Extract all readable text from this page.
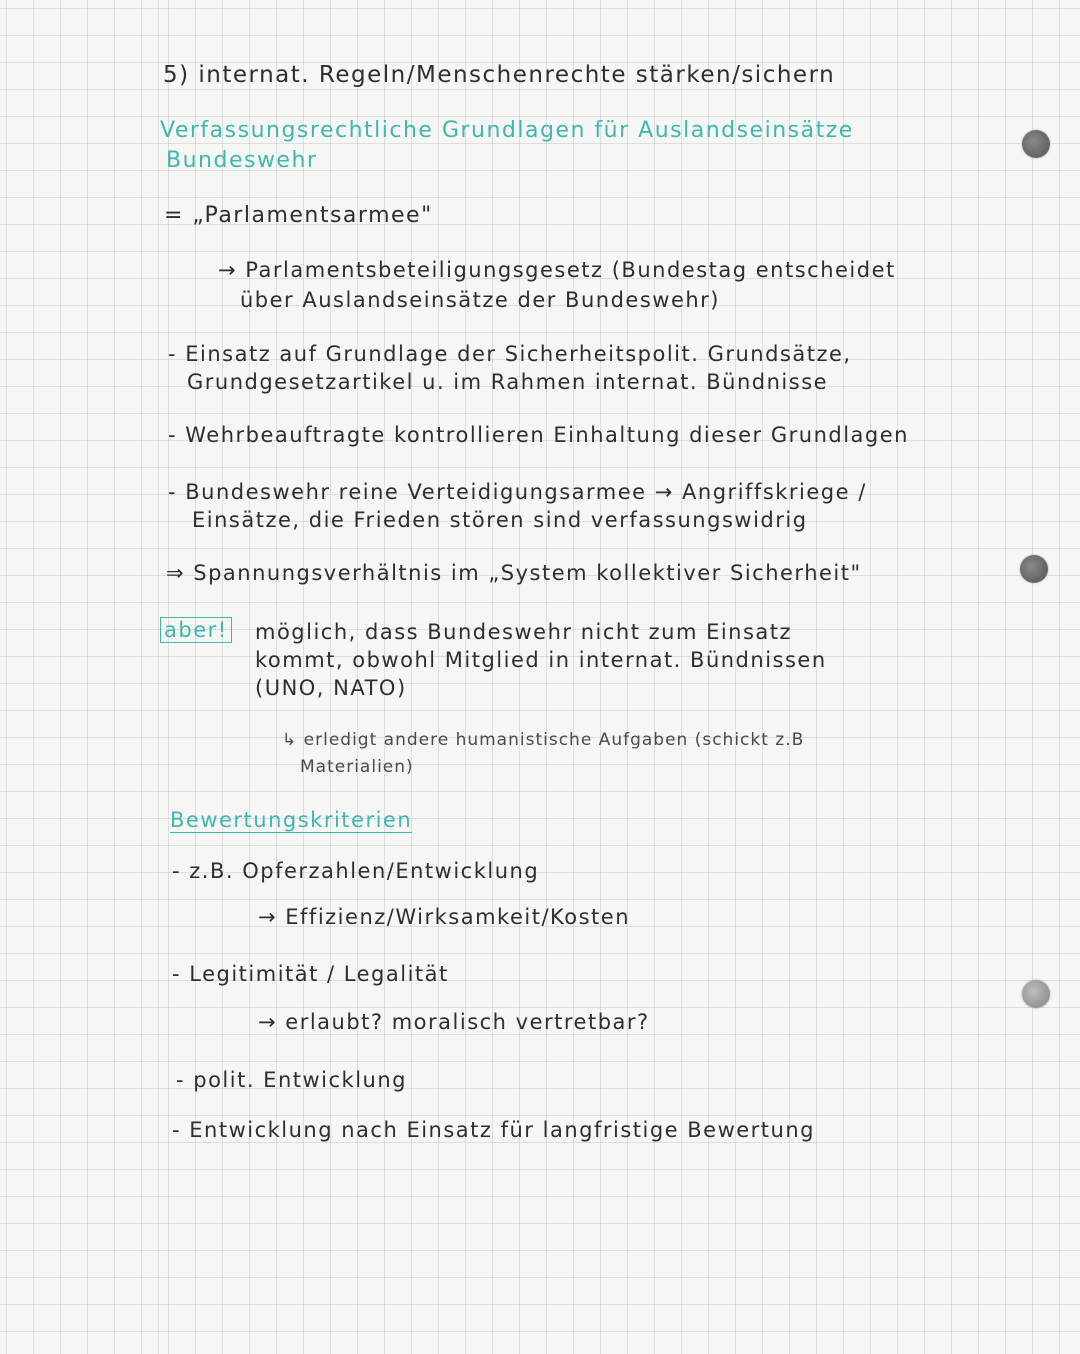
5) internat. Regeln/Menschenrechte stärken/sichern
Verfassungsrechtliche Grundlagen für Auslandseinsätze
Bundeswehr
= „Parlamentsarmee"
→ Parlamentsbeteiligungsgesetz (Bundestag entscheidet
über Auslandseinsätze der Bundeswehr)
- Einsatz auf Grundlage der Sicherheitspolit. Grundsätze,
Grundgesetzartikel u. im Rahmen internat. Bündnisse
- Wehrbeauftragte kontrollieren Einhaltung dieser Grundlagen
- Bundeswehr reine Verteidigungsarmee → Angriffskriege /
Einsätze, die Frieden stören sind verfassungswidrig
⇒ Spannungsverhältnis im „System kollektiver Sicherheit"
aber! möglich, dass Bundeswehr nicht zum Einsatz
kommt, obwohl Mitglied in internat. Bündnissen
(UNO, NATO)
↳ erledigt andere humanistische Aufgaben (schickt z.B
Materialien)
Bewertungskriterien
- z.B. Opferzahlen/Entwicklung
→ Effizienz/Wirksamkeit/Kosten
- Legitimität / Legalität
→ erlaubt? moralisch vertretbar?
- polit. Entwicklung
- Entwicklung nach Einsatz für langfristige Bewertung
